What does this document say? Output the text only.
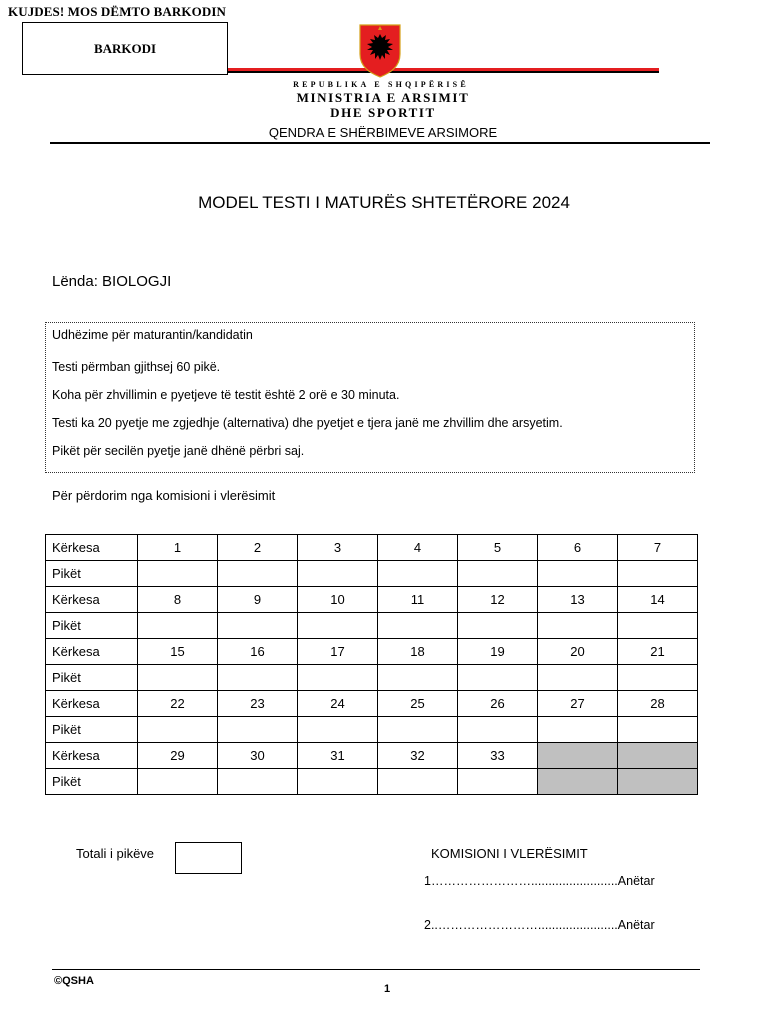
KUJDES! MOS DËMTO BARKODIN
BARKODI
REPUBLIKA E SHQIPËRISË
MINISTRIA E ARSIMIT
DHE SPORTIT
QENDRA E SHËRBIMEVE ARSIMORE
MODEL TESTI I MATURËS SHTETËRORE 2024
Lënda: BIOLOGJI
Udhëzime për maturantin/kandidatin
Testi përmban gjithsej 60 pikë.
Koha për zhvillimin e pyetjeve të testit është 2 orë e 30 minuta.
Testi ka 20 pyetje me zgjedhje (alternativa) dhe pyetjet e tjera janë me zhvillim dhe arsyetim.
Pikët për secilën pyetje janë dhënë përbri saj.
Për përdorim nga komisioni i vlerësimit
Kërkesa	1	2	3	4	5	6	7
Pikët							
Kërkesa	8	9	10	11	12	13	14
Pikët							
Kërkesa	15	16	17	18	19	20	21
Pikët							
Kërkesa	22	23	24	25	26	27	28
Pikët							
Kërkesa	29	30	31	32	33		
Pikët							
Totali i pikëve	KOMISIONI I VLERËSIMIT
1…………………….........................Anëtar
2..…………………….......................Anëtar
©QSHA
1
